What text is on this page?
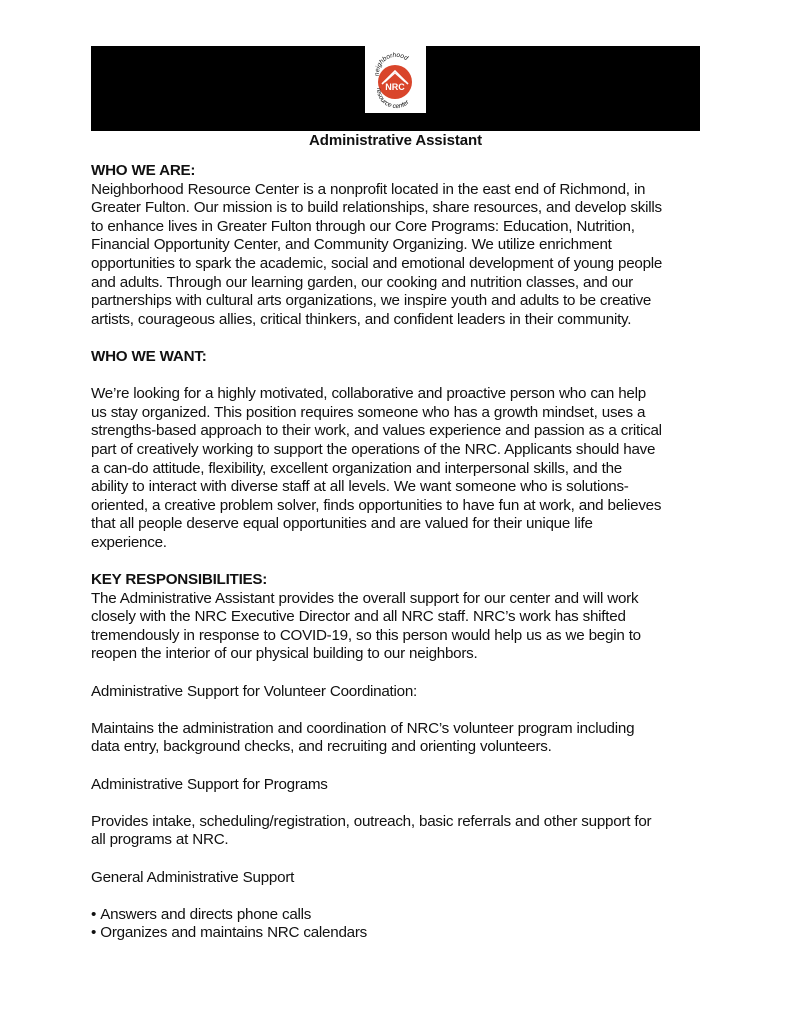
NRC
neighborhood
resource center
Administrative Assistant

WHO WE ARE:

Neighborhood Resource Center is a nonprofit located in the east end of Richmond, in

Greater Fulton. Our mission is to build relationships, share resources, and develop skills

to enhance lives in Greater Fulton through our Core Programs: Education, Nutrition,

Financial Opportunity Center, and Community Organizing. We utilize enrichment

opportunities to spark the academic, social and emotional development of young people

and adults. Through our learning garden, our cooking and nutrition classes, and our

partnerships with cultural arts organizations, we inspire youth and adults to be creative

artists, courageous allies, critical thinkers, and confident leaders in their community.

WHO WE WANT:

We’re looking for a highly motivated, collaborative and proactive person who can help

us stay organized. This position requires someone who has a growth mindset, uses a

strengths-based approach to their work, and values experience and passion as a critical

part of creatively working to support the operations of the NRC. Applicants should have

a can-do attitude, flexibility, excellent organization and interpersonal skills, and the

ability to interact with diverse staff at all levels. We want someone who is solutions-

oriented, a creative problem solver, finds opportunities to have fun at work, and believes

that all people deserve equal opportunities and are valued for their unique life

experience.

KEY RESPONSIBILITIES:

The Administrative Assistant provides the overall support for our center and will work

closely with the NRC Executive Director and all NRC staff. NRC’s work has shifted

tremendously in response to COVID-19, so this person would help us as we begin to

reopen the interior of our physical building to our neighbors.

Administrative Support for Volunteer Coordination:

Maintains the administration and coordination of NRC’s volunteer program including

data entry, background checks, and recruiting and orienting volunteers.

Administrative Support for Programs

Provides intake, scheduling/registration, outreach, basic referrals and other support for

all programs at NRC.

General Administrative Support

• Answers and directs phone calls

• Organizes and maintains NRC calendars
